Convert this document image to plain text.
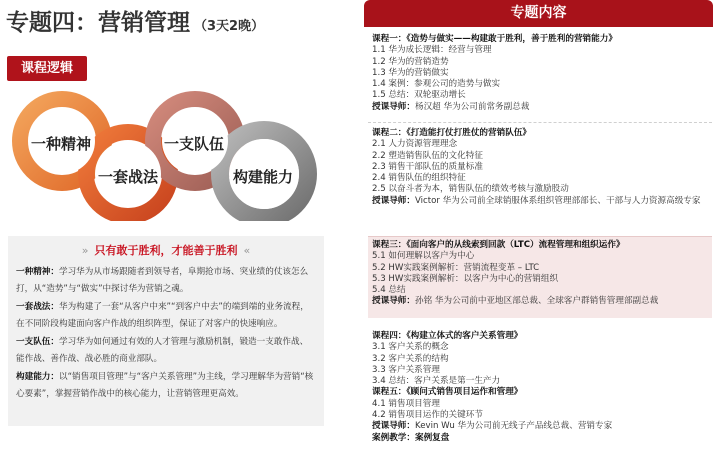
专题四：营销管理 （3天2晚）
课程逻辑
一种精神
一套战法
一支队伍
构建能力
» 只有敢于胜利，才能善于胜利 «

一种精神：学习华为从市场跟随者到领导者，阜期抢市场、突业绩的仗该怎么打，从“造势”与“做实”中探讨华为营销之魂。

一套战法：华为构建了一套“从客户中来”“到客户中去”的端到端的业务流程，在不同阶段构建面向客户作战的组织阵型，保证了对客户的快速响应。

一支队伍：学习华为如何通过有效的人才管理与激励机制，锻造一支敢作战、能作战、善作战、战必胜的商业部队。

构建能力：以“销售项目管理”与“客户关系管理”为主线，学习理解华为营销“核心要素”，掌握营销作战中的核心能力，让营销管理更高效。

专题内容
课程一：《造势与做实——构建敢于胜利，善于胜利的营销能力》
1.1 华为成长逻辑：经营与管理
1.2 华为的营销造势
1.3 华为的营销做实
1.4 案例：参观公司的造势与做实
1.5 总结：双轮驱动增长
授课导师：杨汉超 华为公司前常务副总裁
课程二：《打造能打仗打胜仗的营销队伍》
2.1 人力资源管理理念
2.2 塑造销售队伍的文化特征
2.3 销售干部队伍的质量标准
2.4 销售队伍的组织特征
2.5 以奋斗者为本，销售队伍的绩效考核与激励股动
授课导师：Victor 华为公司前全球销服体系组织管理部部长、干部与人力资源高级专家
课程三：《面向客户的从线索到回款（LTC）流程管理和组织运作》
5.1 如何理解以客户为中心
5.2 HW实践案例解析：营销流程变革 – LTC
5.3 HW实践案例解析：以客户为中心的营销组织
5.4 总结
授课导师：孙铭 华为公司前中亚地区部总裁、全球客户群销售管理部副总裁
课程四：《构建立体式的客户关系管理》
3.1 客户关系的概念
3.2 客户关系的结构
3.3 客户关系管理
3.4 总结：客户关系是第一生产力
课程五：《顾问式销售项目运作和管理》
4.1 销售项目管理
4.2 销售项目运作的关键环节
授课导师：Kevin Wu 华为公司前无线子产品线总裁、营销专家
案例教学：案例复盘
